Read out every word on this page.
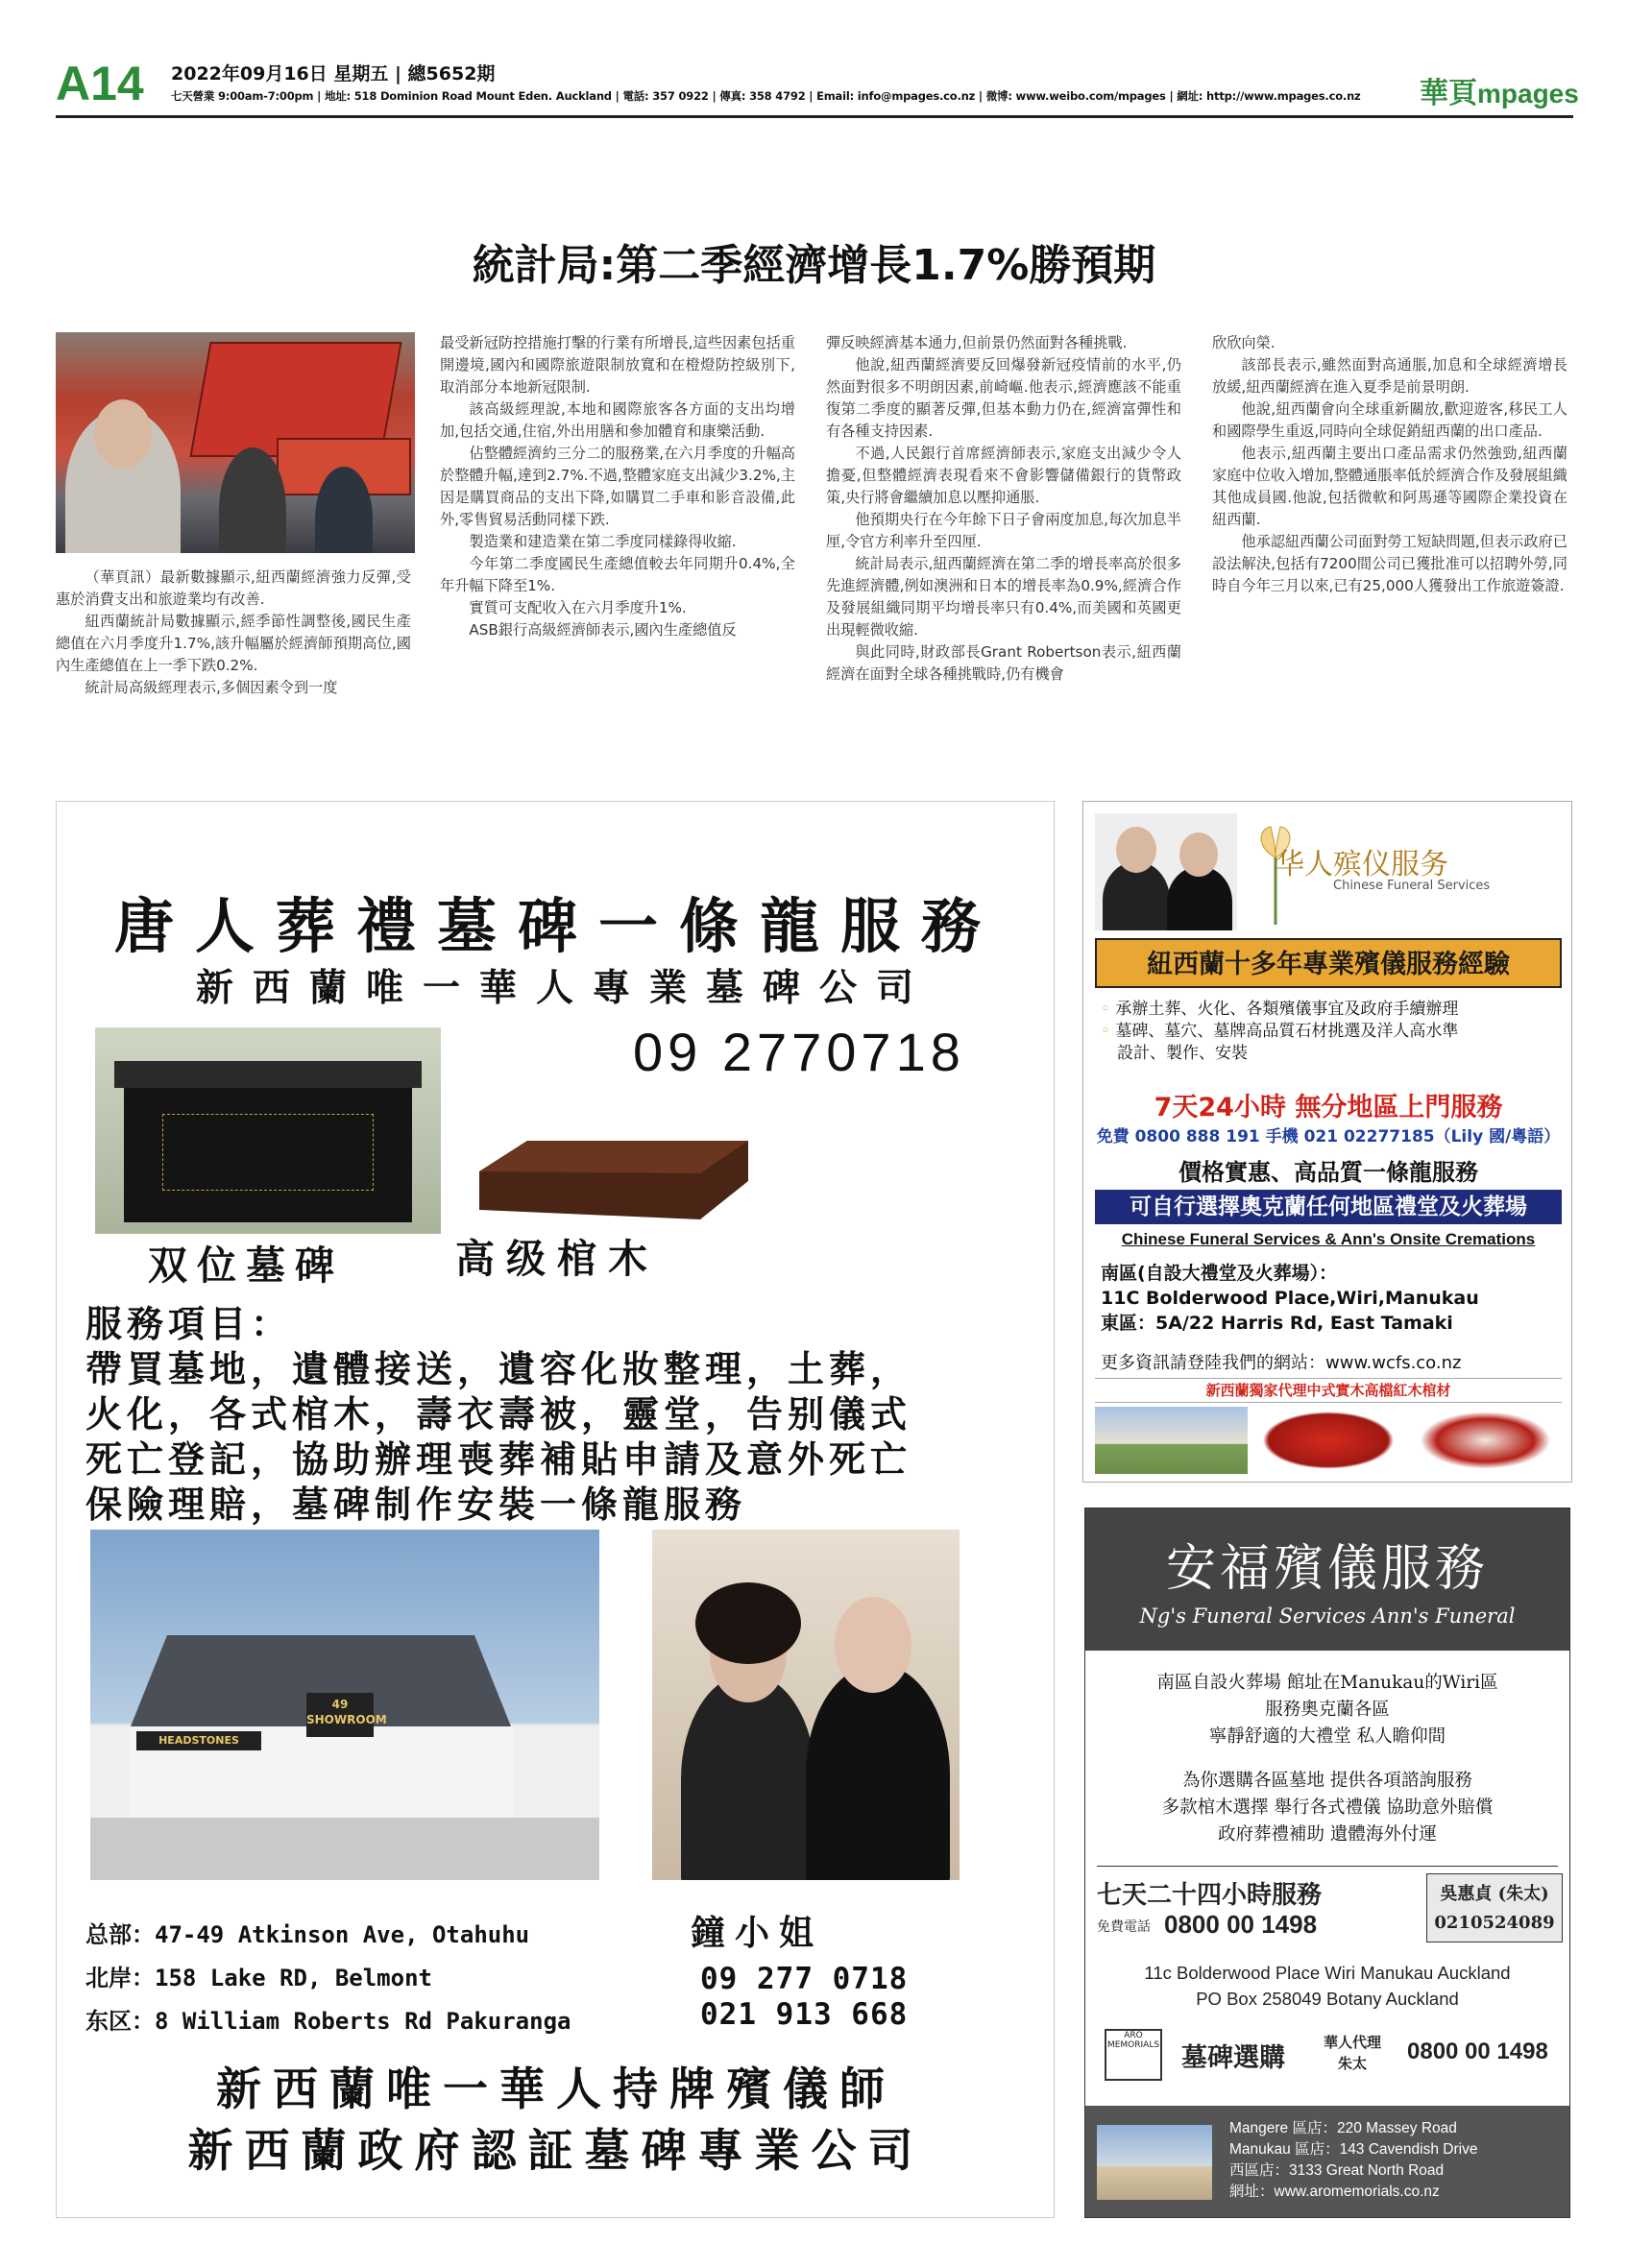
A14 2022年09月16日 星期五 | 總5652期
七天營業 9:00am-7:00pm | 地址: 518 Dominion Road Mount Eden. Auckland | 電話: 357 0922 | 傳真: 358 4792 | Email: info@mpages.co.nz | 微博: www.weibo.com/mpages | 網址: http://www.mpages.co.nz 華頁mpages
統計局:第二季經濟增長1.7%勝預期

（華頁訊）最新數據顯示,紐西蘭經濟強力反彈,受惠於消費支出和旅遊業均有改善.

紐西蘭統計局數據顯示,經季節性調整後,國民生產總值在六月季度升1.7%,該升幅屬於經濟師預期高位,國內生產總值在上一季下跌0.2%.

統計局高級經理表示,多個因素令到一度

最受新冠防控措施打擊的行業有所增長,這些因素包括重開邊境,國內和國際旅遊限制放寬和在橙燈防控級別下,取消部分本地新冠限制.

該高級經理說,本地和國際旅客各方面的支出均增加,包括交通,住宿,外出用膳和參加體育和康樂活動.

佔整體經濟約三分二的服務業,在六月季度的升幅高於整體升幅,達到2.7%.不過,整體家庭支出減少3.2%,主因是購買商品的支出下降,如購買二手車和影音設備,此外,零售貿易活動同樣下跌.

製造業和建造業在第二季度同樣錄得收縮.

今年第二季度國民生產總值較去年同期升0.4%,全年升幅下降至1%.

實質可支配收入在六月季度升1%.

ASB銀行高級經濟師表示,國內生產總值反

彈反映經濟基本通力,但前景仍然面對各種挑戰.

他說,紐西蘭經濟要反回爆發新冠疫情前的水平,仍然面對很多不明朗因素,前崎嶇.他表示,經濟應該不能重復第二季度的顯著反彈,但基本動力仍在,經濟富彈性和有各種支持因素.

不過,人民銀行首席經濟師表示,家庭支出減少令人擔憂,但整體經濟表現看來不會影響儲備銀行的貨幣政策,央行將會繼續加息以壓抑通脹.

他預期央行在今年餘下日子會兩度加息,每次加息半厘,令官方利率升至四厘.

統計局表示,紐西蘭經濟在第二季的增長率高於很多先進經濟體,例如澳洲和日本的增長率為0.9%,經濟合作及發展組織同期平均增長率只有0.4%,而美國和英國更出現輕微收縮.

與此同時,財政部長Grant Robertson表示,紐西蘭經濟在面對全球各種挑戰時,仍有機會

欣欣向榮.

該部長表示,雖然面對高通脹,加息和全球經濟增長放緩,紐西蘭經濟在進入夏季是前景明朗.

他說,紐西蘭會向全球重新關放,歡迎遊客,移民工人和國際學生重返,同時向全球促銷紐西蘭的出口產品.

他表示,紐西蘭主要出口產品需求仍然強勁,紐西蘭家庭中位收入增加,整體通脹率低於經濟合作及發展組織其他成員國.他說,包括微軟和阿馬遜等國際企業投資在紐西蘭.

他承認紐西蘭公司面對勞工短缺問題,但表示政府已設法解決,包括有7200間公司已獲批准可以招聘外勞,同時自今年三月以來,已有25,000人獲發出工作旅遊簽證.

唐人葬禮墓碑一條龍服務
新西蘭唯一華人專業墓碑公司
09 2770718
双位墓碑	高级棺木
服務項目：
帶買墓地，遺體接送，遺容化妝整理，土葬，
火化，各式棺木，壽衣壽被，靈堂，告别儀式
死亡登記，協助辦理喪葬補貼申請及意外死亡
保險理賠，墓碑制作安裝一條龍服務
HEADSTONES
49
SHOWROOM
总部：47-49 Atkinson Ave, Otahuhu
北岸：158 Lake RD, Belmont
东区：8 William Roberts Rd Pakuranga
鐘小姐
09 277 0718
021 913 668
新西蘭唯一華人持牌殯儀師
新西蘭政府認証墓碑專業公司
华人殡仪服务
Chinese Funeral Services
紐西蘭十多年專業殯儀服務經驗
◦ 承辦土葬、火化、各類殯儀事宜及政府手續辦理
◦ 墓碑、墓穴、墓牌高品質石材挑選及洋人高水準
設計、製作、安裝
7天24小時 無分地區上門服務
免費 0800 888 191 手機 021 02277185（Lily 國/粵語）
價格實惠、高品質一條龍服務
可自行選擇奧克蘭任何地區禮堂及火葬場
Chinese Funeral Services & Ann's Onsite Cremations
南區(自設大禮堂及火葬場）：
11C Bolderwood Place,Wiri,Manukau
東區：5A/22 Harris Rd, East Tamaki
更多資訊請登陸我們的網站：www.wcfs.co.nz
新西蘭獨家代理中式實木高檔紅木棺材
安福殯儀服務
Ng's Funeral Services Ann's Funeral
南區自設火葬場 館址在Manukau的Wiri區
服務奧克蘭各區
寧靜舒適的大禮堂 私人瞻仰間
為你選購各區墓地 提供各項諮詢服務
多款棺木選擇 舉行各式禮儀 協助意外賠償
政府葬禮補助 遺體海外付運
七天二十四小時服務
免費電話 0800 00 1498
吳惠貞 (朱太)
0210524089
11c Bolderwood Place Wiri Manukau Auckland
PO Box 258049 Botany Auckland
ARO MEMORIALS 墓碑選購
華人代理
朱太	0800 00 1498
Mangere 區店：220 Massey Road
Manukau 區店：143 Cavendish Drive
西區店：3133 Great North Road
網址：www.aromemorials.co.nz
